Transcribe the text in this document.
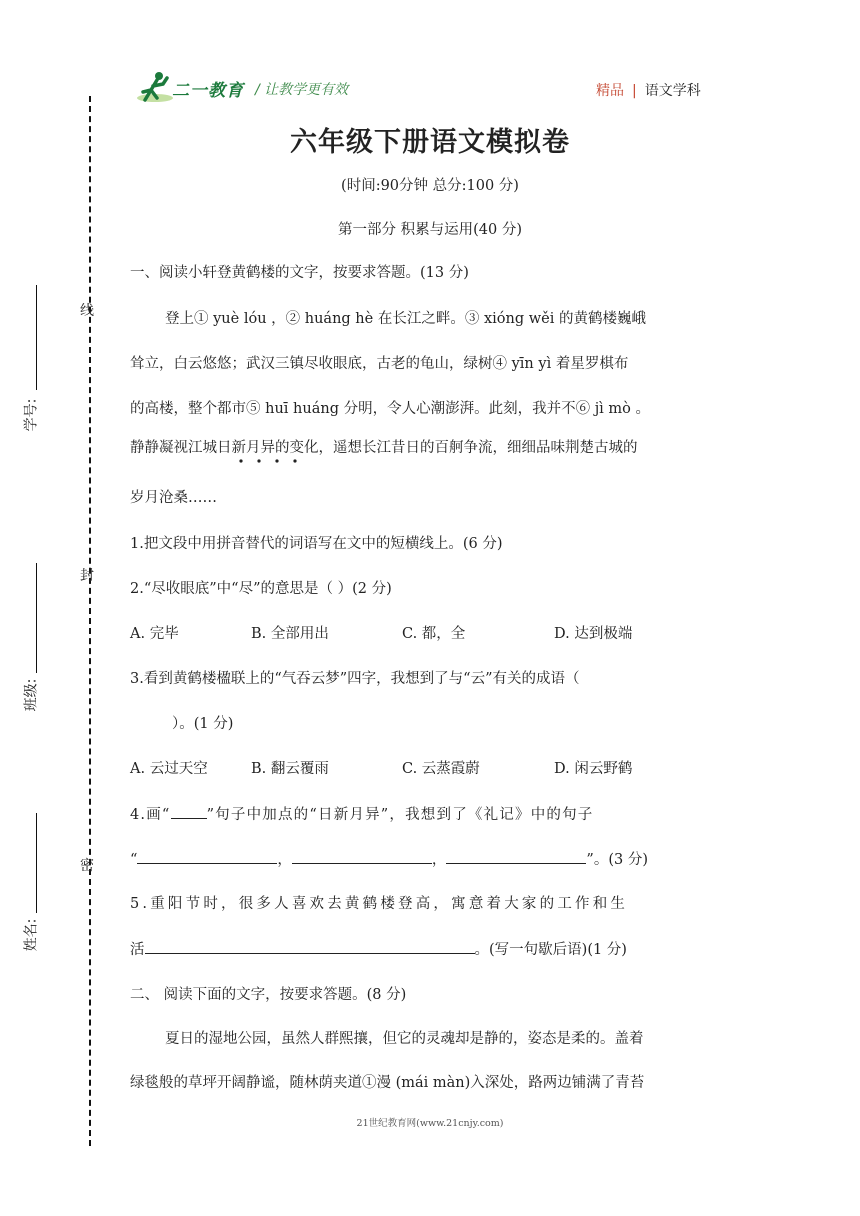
二一教育 / 让教学更有效	精品 | 语文学科
线
封
密
学号:
班级:
姓名:
六年级下册语文模拟卷
(时间:90分钟 总分:100 分)
第一部分 积累与运用(40 分)
一、阅读小轩登黄鹤楼的文字，按要求答题。(13 分)
登上① yuè lóu ，② huáng hè 在长江之畔。③ xióng wěi 的黄鹤楼巍峨
耸立，白云悠悠；武汉三镇尽收眼底，古老的龟山，绿树④ yīn yì 着星罗棋布
的高楼，整个都市⑤ huī huáng 分明，令人心潮澎湃。此刻，我并不⑥ jì mò 。
静静凝视江城日新月异的变化，遥想长江昔日的百舸争流，细细品味荆楚古城的
岁月沧桑……
1.把文段中用拼音替代的词语写在文中的短横线上。(6 分)
2.“尽收眼底”中“尽”的意思是（ ）(2 分)
A. 完毕	B. 全部用出	C. 都，全	D. 达到极端
3.看到黄鹤楼楹联上的“气吞云梦”四字，我想到了与“云”有关的成语（
）。(1 分)
A. 云过天空	B. 翻云覆雨	C. 云蒸霞蔚	D. 闲云野鹤
4.画“ ”句子中加点的“日新月异”，我想到了《礼记》中的句子
“	，	，	”。(3 分)
5.重阳节时，很多人喜欢去黄鹤楼登高，寓意着大家的工作和生
活	。(写一句歇后语)(1 分)
二、 阅读下面的文字，按要求答题。(8 分)
夏日的湿地公园，虽然人群熙攘，但它的灵魂却是静的，姿态是柔的。盖着
绿毯般的草坪开阔静谧，随林荫夹道①漫 (mái màn)入深处，路两边铺满了青苔
21世纪教育网(www.21cnjy.com)
